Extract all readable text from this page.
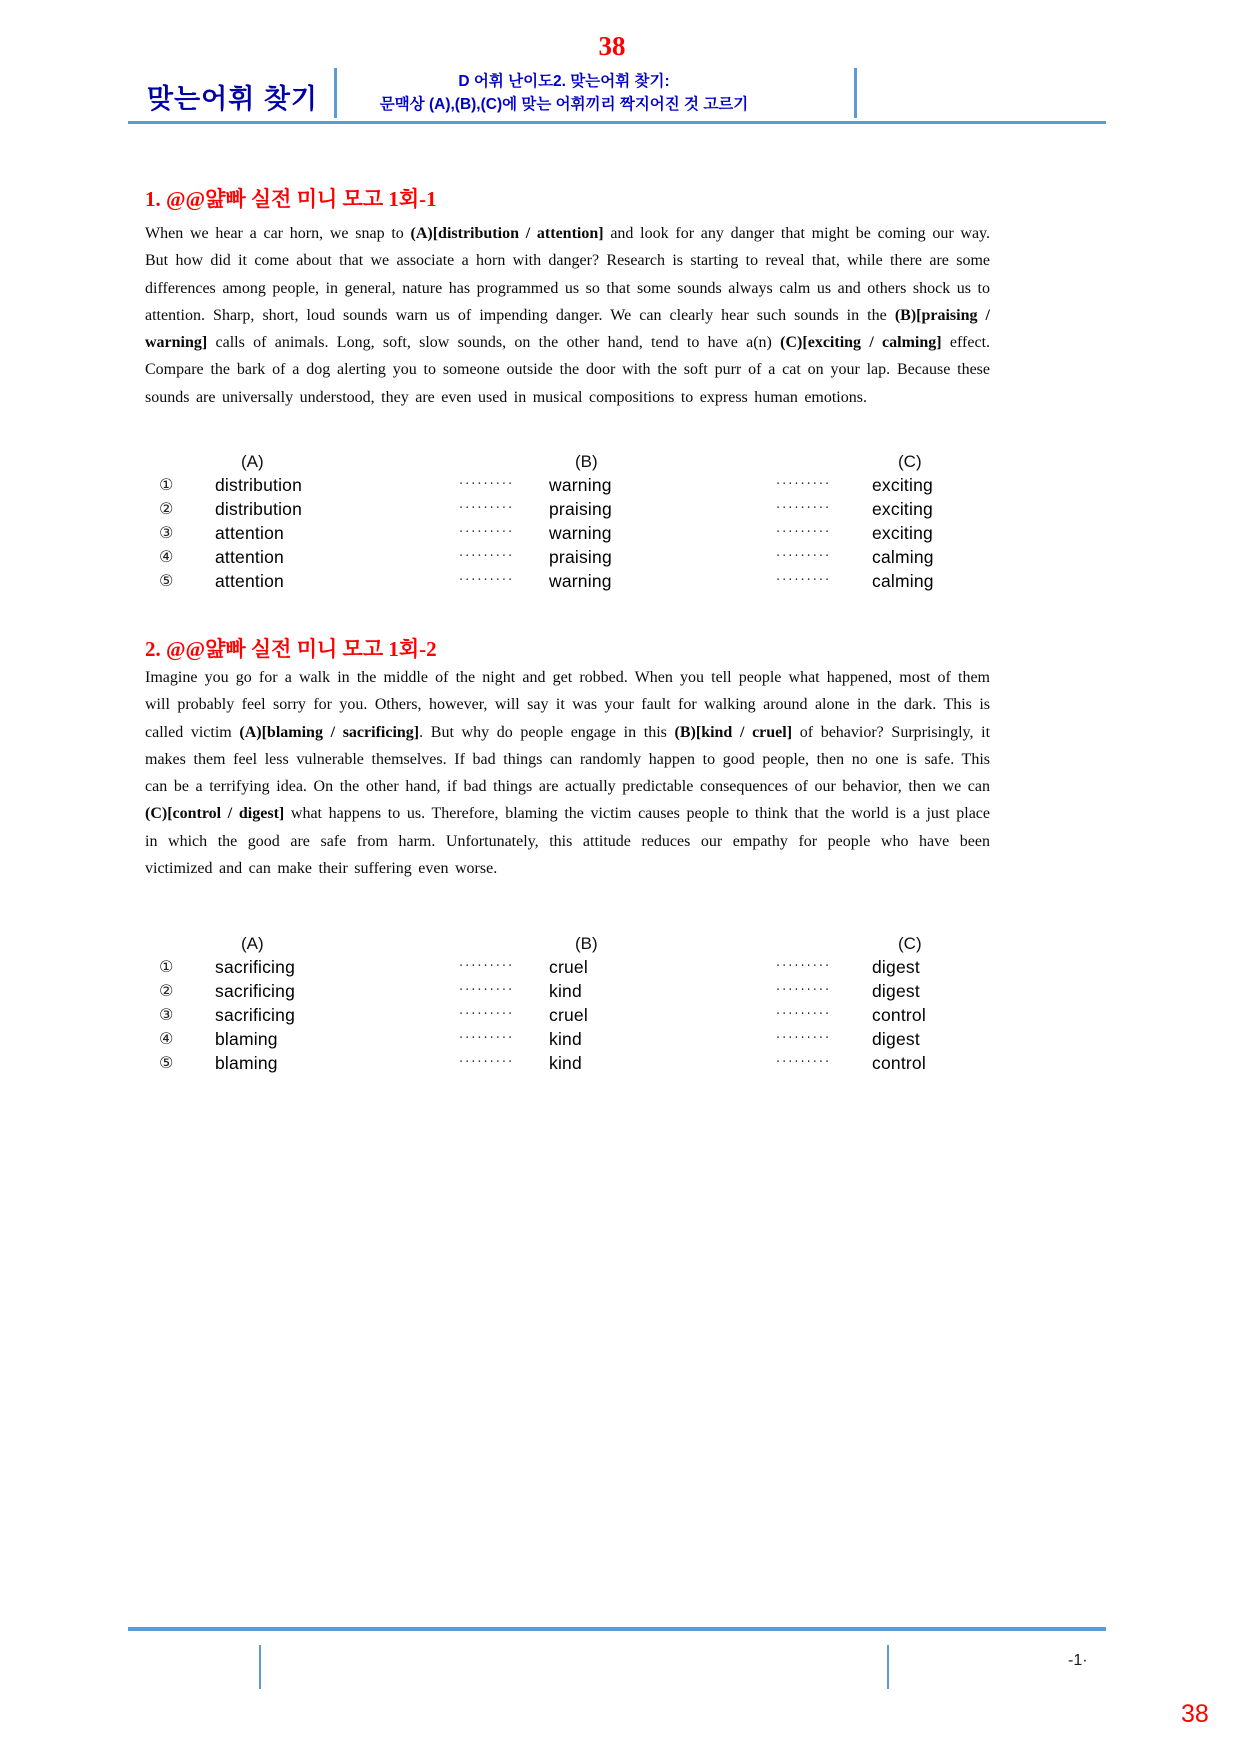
38
맞는어휘 찾기
D 어휘 난이도2. 맞는어휘 찾기:
문맥상 (A),(B),(C)에 맞는 어휘끼리 짝지어진 것 고르기
1. @@얊빠 실전 미니 모고 1회-1

When we hear a car horn, we snap to (A)[distribution / attention] and look for any danger that might be coming our way. But how did it come about that we associate a horn with danger? Research is starting to reveal that, while there are some differences among people, in general, nature has programmed us so that some sounds always calm us and others shock us to attention. Sharp, short, loud sounds warn us of impending danger. We can clearly hear such sounds in the (B)[praising / warning] calls of animals. Long, soft, slow sounds, on the other hand, tend to have a(n) (C)[exciting / calming] effect. Compare the bark of a dog alerting you to someone outside the door with the soft purr of a cat on your lap. Because these sounds are universally understood, they are even used in musical compositions to express human emotions.

(A)	(B)	(C)
①	distribution	·········	warning	·········	exciting
②	distribution	·········	praising	·········	exciting
③	attention	·········	warning	·········	exciting
④	attention	·········	praising	·········	calming
⑤	attention	·········	warning	·········	calming
2. @@얊빠 실전 미니 모고 1회-2

Imagine you go for a walk in the middle of the night and get robbed. When you tell people what happened, most of them will probably feel sorry for you. Others, however, will say it was your fault for walking around alone in the dark. This is called victim (A)[blaming / sacrificing]. But why do people engage in this (B)[kind / cruel] of behavior? Surprisingly, it makes them feel less vulnerable themselves. If bad things can randomly happen to good people, then no one is safe. This can be a terrifying idea. On the other hand, if bad things are actually predictable consequences of our behavior, then we can (C)[control / digest] what happens to us. Therefore, blaming the victim causes people to think that the world is a just place in which the good are safe from harm. Unfortunately, this attitude reduces our empathy for people who have been victimized and can make their suffering even worse.

(A)	(B)	(C)
①	sacrificing	·········	cruel	·········	digest
②	sacrificing	·········	kind	·········	digest
③	sacrificing	·········	cruel	·········	control
④	blaming	·········	kind	·········	digest
⑤	blaming	·········	kind	·········	control
-1·
38
